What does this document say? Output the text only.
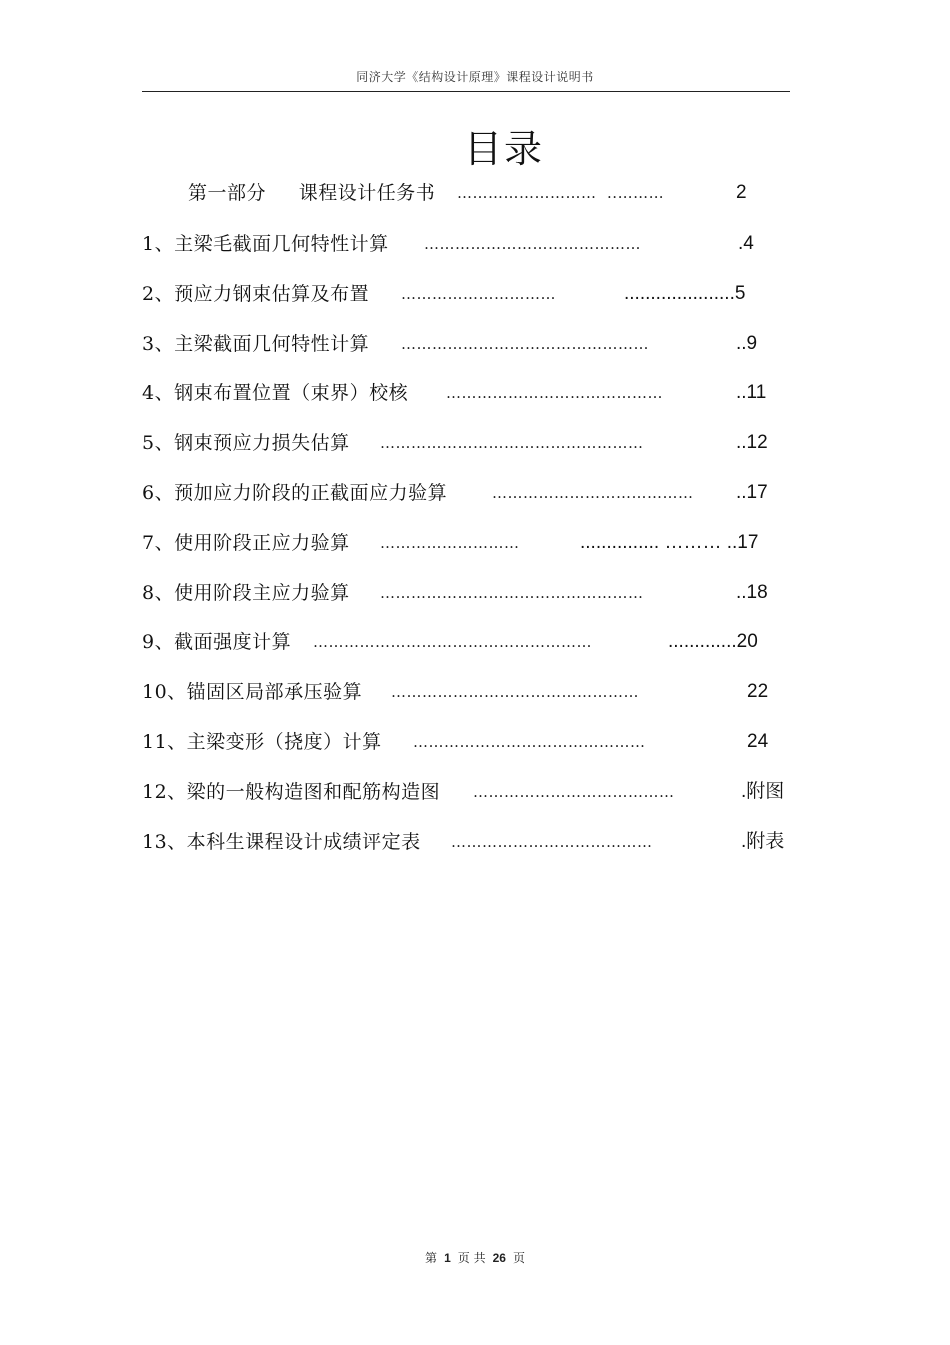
同济大学《结构设计原理》课程设计说明书
目录
第一部分     课程设计任务书 ………………………  ..………	2
1、主梁毛截面几何特性计算 ……………………………………	.4
2、预应力钢束估算及布置 …………………………	.....................5
3、主梁截面几何特性计算 …………………………………………	..9
4、钢束布置位置（束界）校核	……………………………………	..11
5、钢束预应力损失估算 ……………………………………………	..12
6、预加应力阶段的正截面应力验算	………………………………… ..17
7、使用阶段正应力验算 ………………………	............... ……… ..17
8、使用阶段主应力验算 ……………………………………………	..18
9、截面强度计算 ………………………………………………	.............20
10、锚固区局部承压验算 …………………………………………	22
11、主梁变形（挠度）计算 ………………………………………	24
12、梁的一般构造图和配筋构造图 …………………………………	.附图
13、本科生课程设计成绩评定表 …………………………………	.附表
第 1 页 共 26 页
